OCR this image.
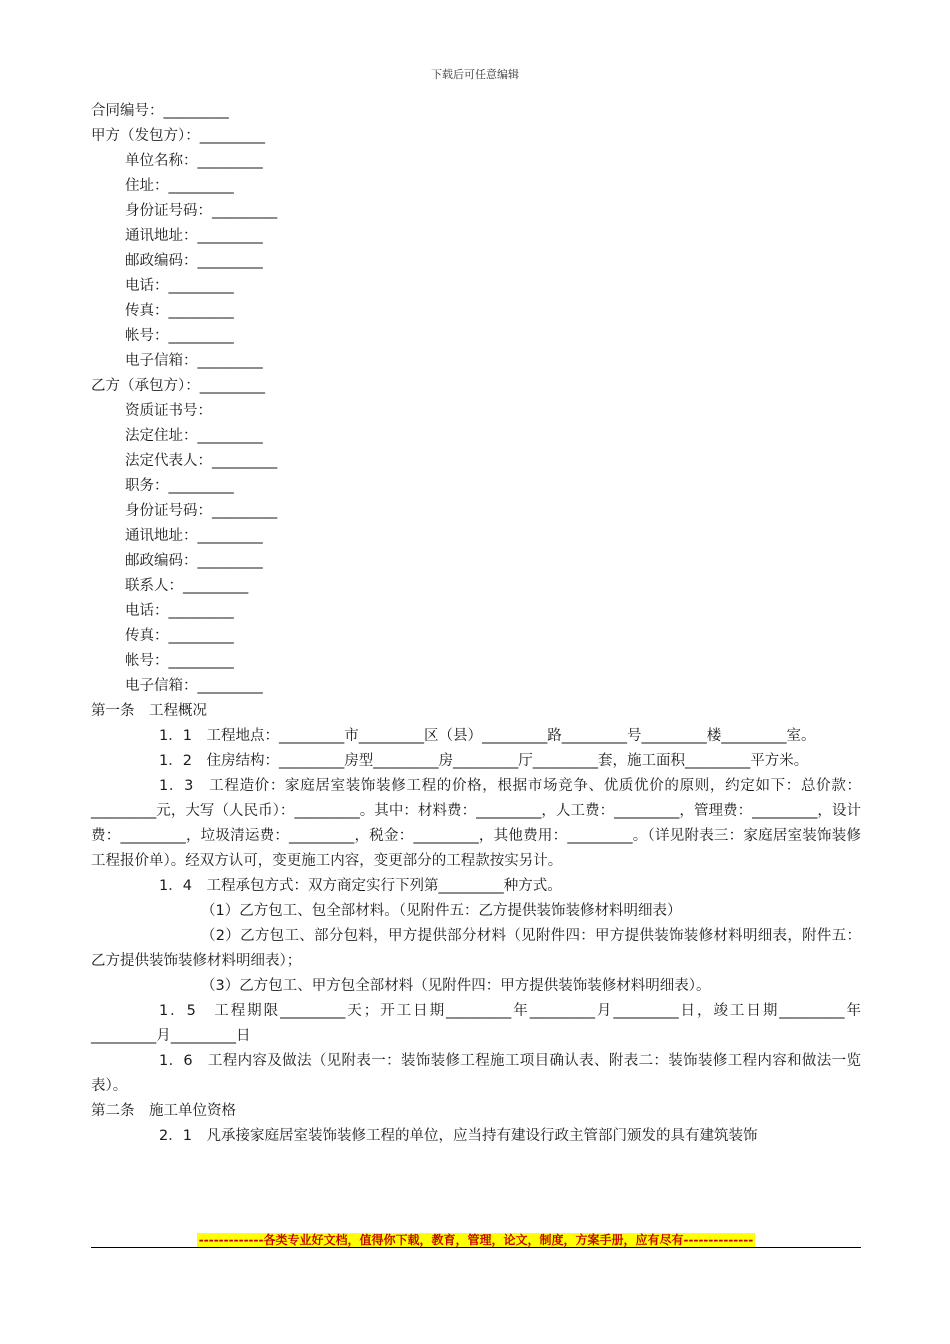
下载后可任意编辑
合同编号：_________
甲方（发包方）：_________
单位名称：_________
住址：_________
身份证号码：_________
通讯地址：_________
邮政编码：_________
电话：_________
传真：_________
帐号：_________
电子信箱：_________
乙方（承包方）：_________
资质证书号：
法定住址：_________
法定代表人：_________
职务：_________
身份证号码：_________
通讯地址：_________
邮政编码：_________
联系人：_________
电话：_________
传真：_________
帐号：_________
电子信箱：_________
第一条　工程概况
1．1　工程地点：_________市_________区（县）_________路_________号_________楼_________室。
1．2　住房结构：_________房型_________房_________厅_________套，施工面积_________平方米。
1．3　工程造价：家庭居室装饰装修工程的价格，根据市场竞争、优质优价的原则，约定如下：总价款：_________元，大写（人民币）：_________。其中：材料费：_________，人工费：_________，管理费：_________，设计费：_________，垃圾清运费：_________，税金：_________，其他费用：_________。（详见附表三：家庭居室装饰装修工程报价单）。经双方认可，变更施工内容，变更部分的工程款按实另计。
1．4　工程承包方式：双方商定实行下列第_________种方式。
（1）乙方包工、包全部材料。（见附件五：乙方提供装饰装修材料明细表）
（2）乙方包工、部分包料，甲方提供部分材料（见附件四：甲方提供装饰装修材料明细表，附件五：乙方提供装饰装修材料明细表）；
（3）乙方包工、甲方包全部材料（见附件四：甲方提供装饰装修材料明细表）。
1．5　工程期限_________天；开工日期_________年_________月_________日，竣工日期_________年_________月_________日
1．6　工程内容及做法（见附表一：装饰装修工程施工项目确认表、附表二：装饰装修工程内容和做法一览表）。
第二条　施工单位资格
2．1　凡承接家庭居室装饰装修工程的单位，应当持有建设行政主管部门颁发的具有建筑装饰
-------------各类专业好文档，值得你下载，教育，管理，论文，制度，方案手册，应有尽有--------------
